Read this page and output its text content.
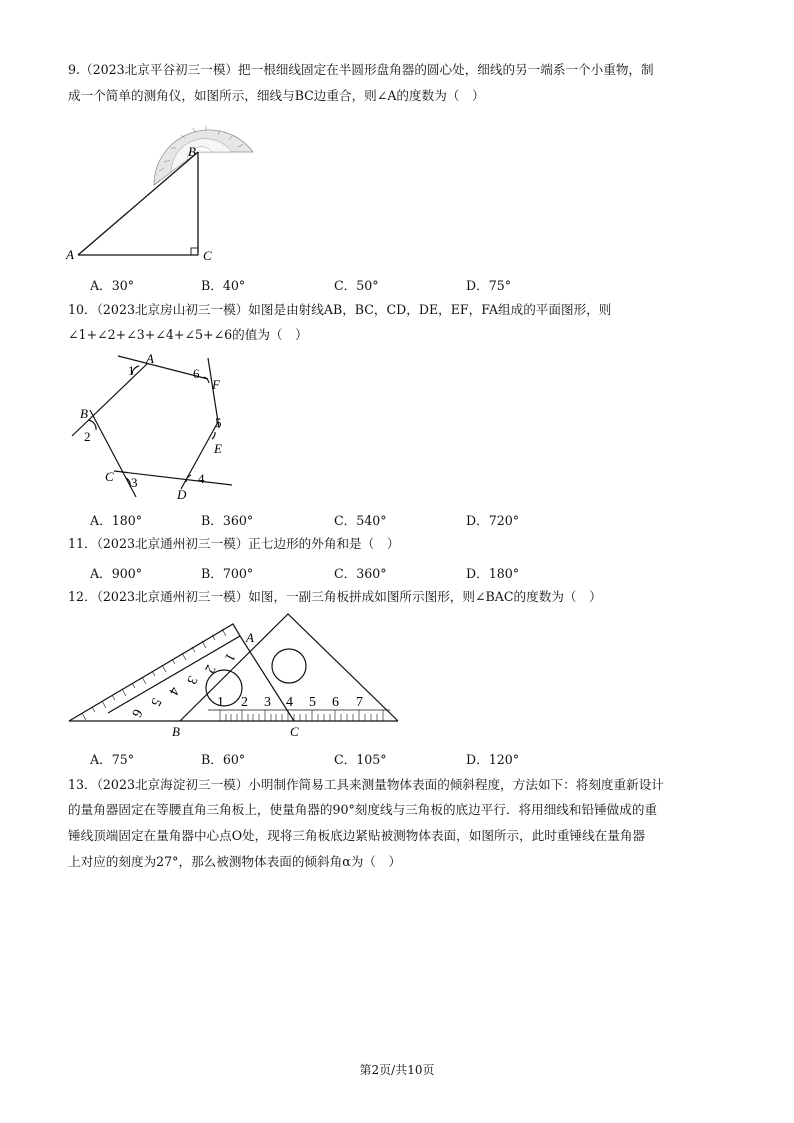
9.（2023北京平谷初三一模）把一根细线固定在半圆形盘角器的圆心处，细线的另一端系一个小重物，制
成一个简单的测角仪，如图所示，细线与BC边重合，则∠A的度数为（　）
B
A	C
A．30°	B．40°	C．50°	D．75°
10．（2023北京房山初三一模）如图是由射线AB，BC，CD，DE，EF，FA组成的平面图形，则
∠1+∠2+∠3+∠4+∠5+∠6的值为（　）
A
B
C
D
E
F
1
2
3	4
5
6
A．180°	B．360°	C．540°	D．720°
11．（2023北京通州初三一模）正七边形的外角和是（　）
A．900°	B．700°	C．360°	D．180°
12．（2023北京通州初三一模）如图，一副三角板拼成如图所示图形，则∠BAC的度数为（　）
1 2 3 4 5 6 7
1
2
3
4
5
6
A
B	C
A．75°	B．60°	C．105°	D．120°
13．（2023北京海淀初三一模）小明制作简易工具来测量物体表面的倾斜程度，方法如下：将刻度重新设计
的量角器固定在等腰直角三角板上，使量角器的90°刻度线与三角板的底边平行．将用细线和铅锤做成的重
锤线顶端固定在量角器中心点O处，现将三角板底边紧贴被测物体表面，如图所示，此时重锤线在量角器
上对应的刻度为27°，那么被测物体表面的倾斜角α为（　）
第2页/共10页
